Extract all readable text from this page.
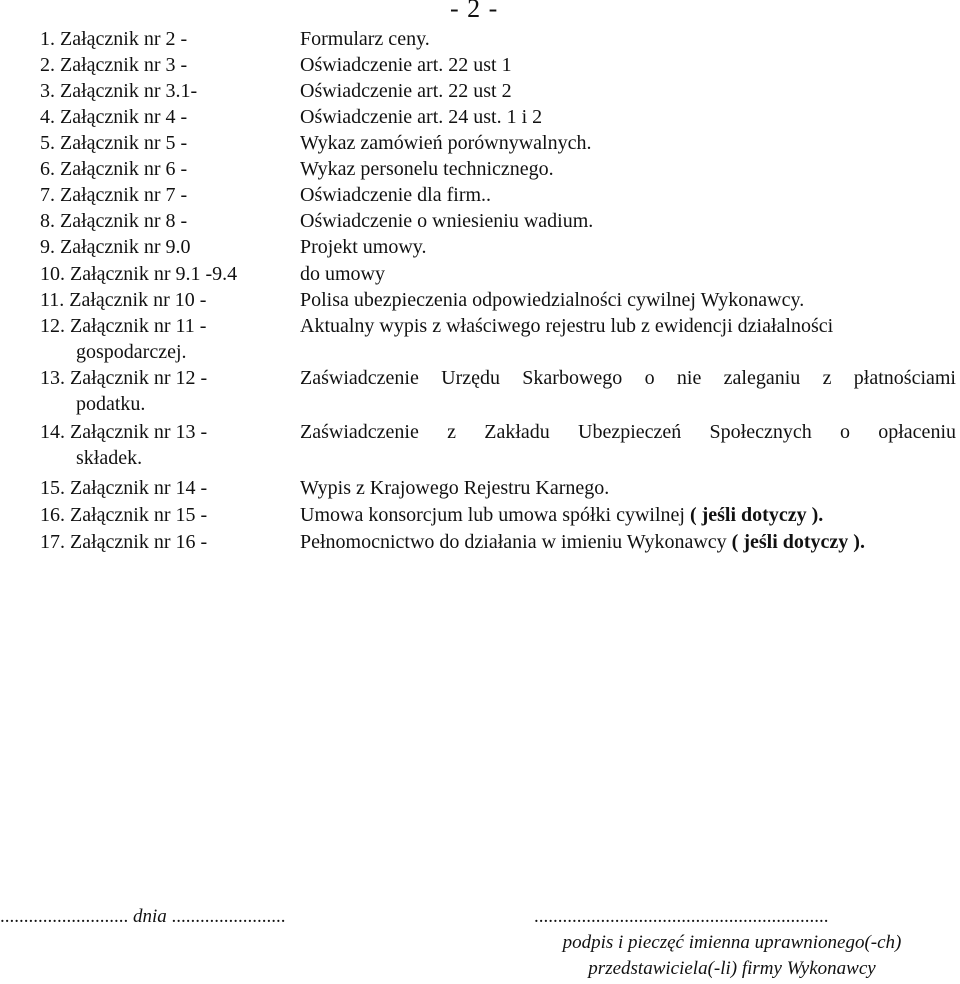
- 2 -
1. Załącznik nr 2 -	Formularz ceny.
2. Załącznik nr 3 -	Oświadczenie art. 22 ust 1
3. Załącznik nr 3.1-	Oświadczenie art. 22 ust 2
4. Załącznik nr 4 -	Oświadczenie art. 24 ust. 1 i 2
5. Załącznik nr 5 -	Wykaz zamówień porównywalnych.
6. Załącznik nr 6 -	Wykaz personelu technicznego.
7. Załącznik nr 7 -	Oświadczenie dla firm..
8. Załącznik nr 8 -	Oświadczenie o wniesieniu wadium.
9. Załącznik nr 9.0	Projekt umowy.
10. Załącznik nr 9.1 -9.4	do umowy
11. Załącznik nr 10 -	Polisa ubezpieczenia odpowiedzialności cywilnej Wykonawcy.
12. Załącznik nr 11 -	Aktualny wypis z właściwego rejestru lub z ewidencji działalności
gospodarczej.
13. Załącznik nr 12 -	Zaświadczenie Urzędu Skarbowego o nie zaleganiu z płatnościami
podatku.
14. Załącznik nr 13 -	Zaświadczenie z Zakładu Ubezpieczeń Społecznych o opłaceniu
składek.
15. Załącznik nr 14 -	Wypis z Krajowego Rejestru Karnego.
16. Załącznik nr 15 -	Umowa konsorcjum lub umowa spółki cywilnej ( jeśli dotyczy ).
17. Załącznik nr 16 -	Pełnomocnictwo do działania w imieniu Wykonawcy ( jeśli dotyczy ).
........................... dnia ........................	..............................................................
podpis i pieczęć imienna uprawnionego(-ch)
przedstawiciela(-li) firmy Wykonawcy
